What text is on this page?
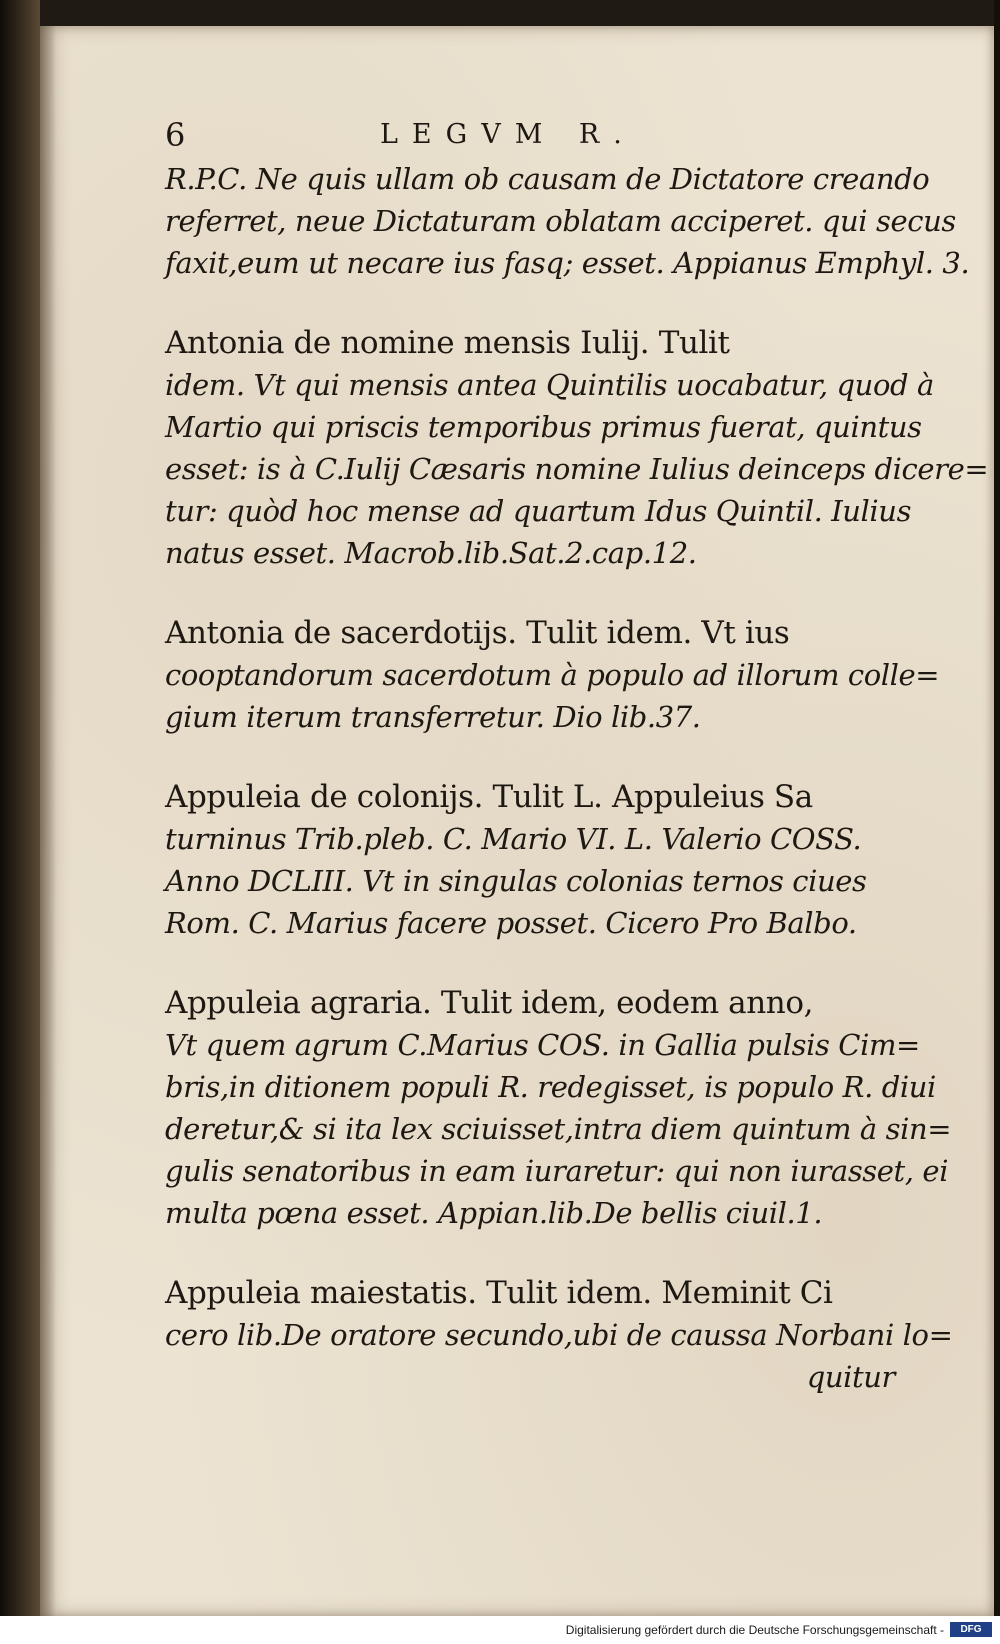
6	LEGVM R.
R.P.C. Ne quis ullam ob causam de Dictatore creando
referret, neue Dictaturam oblatam acciperet. qui secus
faxit,eum ut necare ius fasq; esset. Appianus Emphyl. 3.
Antonia de nomine mensis Iulij. Tulit
idem. Vt qui mensis antea Quintilis uocabatur, quod à
Martio qui priscis temporibus primus fuerat, quintus
esset: is à C.Iulij Cæsaris nomine Iulius deinceps dicere=
tur: quòd hoc mense ad quartum Idus Quintil. Iulius
natus esset. Macrob.lib.Sat.2.cap.12.
Antonia de sacerdotijs. Tulit idem. Vt ius
cooptandorum sacerdotum à populo ad illorum colle=
gium iterum transferretur. Dio lib.37.
Appuleia de colonijs. Tulit L. Appuleius Sa
turninus Trib.pleb. C. Mario VI. L. Valerio COSS.
Anno DCLIII. Vt in singulas colonias ternos ciues
Rom. C. Marius facere posset. Cicero Pro Balbo.
Appuleia agraria. Tulit idem, eodem anno,
Vt quem agrum C.Marius COS. in Gallia pulsis Cim=
bris,in ditionem populi R. redegisset, is populo R. diui
deretur,& si ita lex sciuisset,intra diem quintum à sin=
gulis senatoribus in eam iuraretur: qui non iurasset, ei
multa pœna esset. Appian.lib.De bellis ciuil.1.
Appuleia maiestatis. Tulit idem. Meminit Ci
cero lib.De oratore secundo,ubi de caussa Norbani lo=
quitur
Digitalisierung gefördert durch die Deutsche Forschungsgemeinschaft -	DFG
